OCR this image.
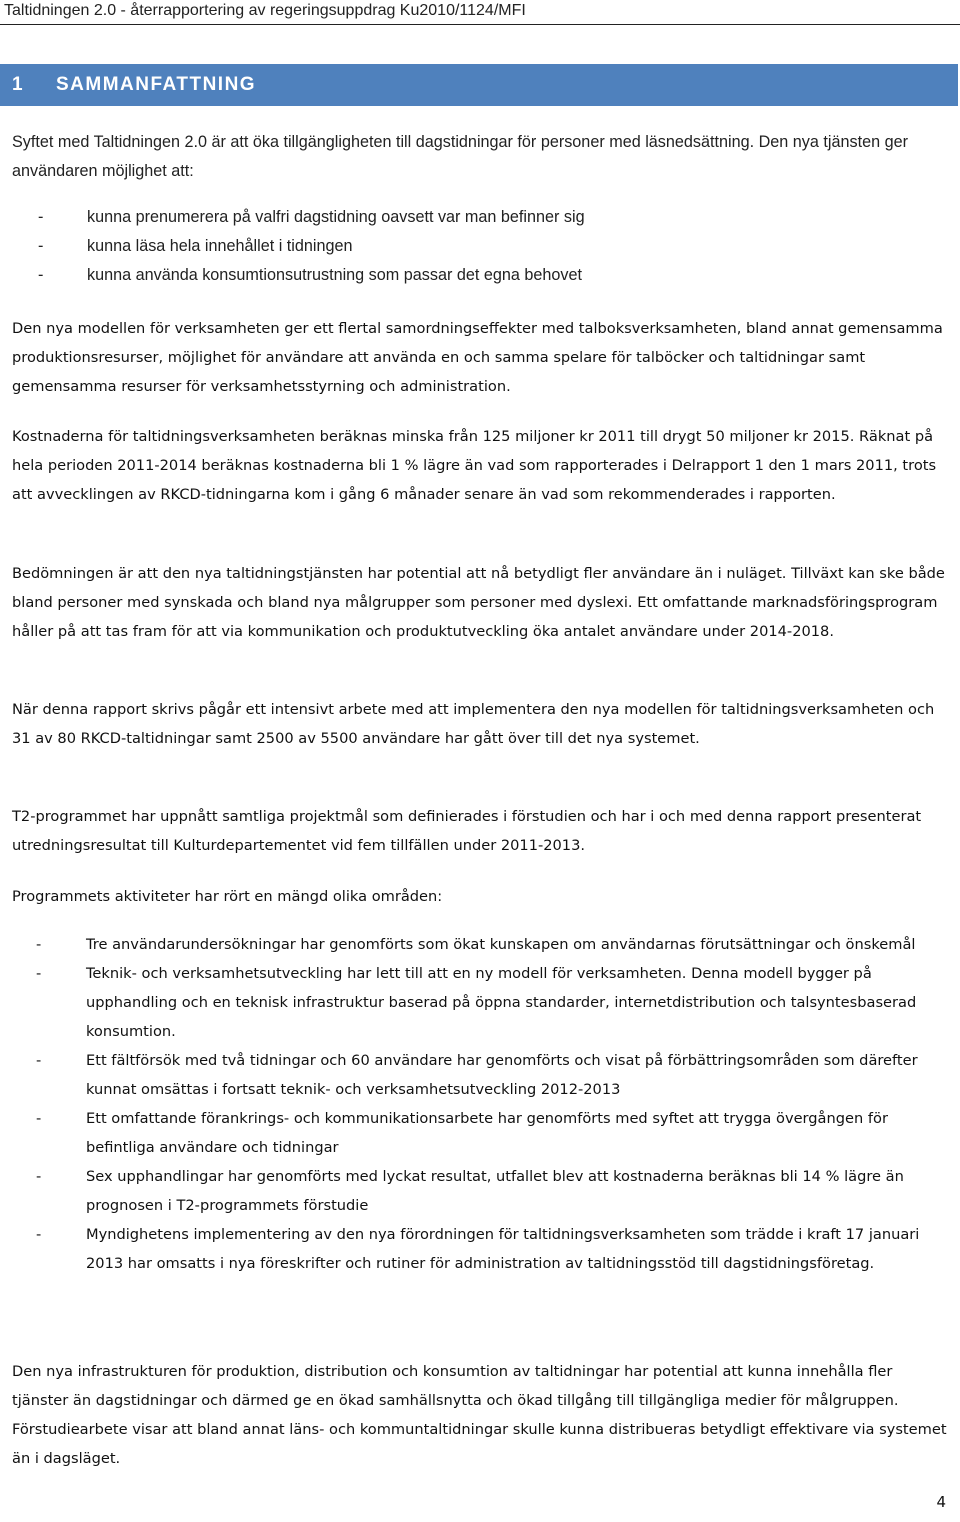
Taltidningen 2.0 - återrapportering av regeringsuppdrag Ku2010/1124/MFI
1	SAMMANFATTNING

Syftet med Taltidningen 2.0 är att öka tillgängligheten till dagstidningar för personer med läsnedsättning. Den nya tjänsten ger användaren möjlighet att:

-	kunna prenumerera på valfri dagstidning oavsett var man befinner sig
-	kunna läsa hela innehållet i tidningen
-	kunna använda konsumtionsutrustning som passar det egna behovet

Den nya modellen för verksamheten ger ett flertal samordningseffekter med talboksverksamheten, bland annat gemensamma produktionsresurser, möjlighet för användare att använda en och samma spelare för talböcker och taltidningar samt gemensamma resurser för verksamhetsstyrning och administration.

Kostnaderna för taltidningsverksamheten beräknas minska från 125 miljoner kr 2011 till drygt 50 miljoner kr 2015. Räknat på hela perioden 2011-2014 beräknas kostnaderna bli 1 % lägre än vad som rapporterades i Delrapport 1 den 1 mars 2011, trots att avvecklingen av RKCD-tidningarna kom i gång 6 månader senare än vad som rekommenderades i rapporten.

Bedömningen är att den nya taltidningstjänsten har potential att nå betydligt fler användare än i nuläget. Tillväxt kan ske både bland personer med synskada och bland nya målgrupper som personer med dyslexi. Ett omfattande marknadsföringsprogram håller på att tas fram för att via kommunikation och produktutveckling öka antalet användare under 2014-2018.

När denna rapport skrivs pågår ett intensivt arbete med att implementera den nya modellen för taltidningsverksamheten och 31 av 80 RKCD-taltidningar samt 2500 av 5500 användare har gått över till det nya systemet.

T2-programmet har uppnått samtliga projektmål som definierades i förstudien och har i och med denna rapport presenterat utredningsresultat till Kulturdepartementet vid fem tillfällen under 2011-2013.

Programmets aktiviteter har rört en mängd olika områden:

-	Tre användarundersökningar har genomförts som ökat kunskapen om användarnas förutsättningar och önskemål
-	Teknik- och verksamhetsutveckling har lett till att en ny modell för verksamheten. Denna modell bygger på upphandling och en teknisk infrastruktur baserad på öppna standarder, internetdistribution och talsyntesbaserad konsumtion.
-	Ett fältförsök med två tidningar och 60 användare har genomförts och visat på förbättringsområden som därefter kunnat omsättas i fortsatt teknik- och verksamhetsutveckling 2012-2013
-	Ett omfattande förankrings- och kommunikationsarbete har genomförts med syftet att trygga övergången för befintliga användare och tidningar
-	Sex upphandlingar har genomförts med lyckat resultat, utfallet blev att kostnaderna beräknas bli 14 % lägre än prognosen i T2-programmets förstudie
-	Myndighetens implementering av den nya förordningen för taltidningsverksamheten som trädde i kraft 17 januari 2013 har omsatts i nya föreskrifter och rutiner för administration av taltidningsstöd till dagstidningsföretag.

Den nya infrastrukturen för produktion, distribution och konsumtion av taltidningar har potential att kunna innehålla fler tjänster än dagstidningar och därmed ge en ökad samhällsnytta och ökad tillgång till tillgängliga medier för målgruppen. Förstudiearbete visar att bland annat läns- och kommuntaltidningar skulle kunna distribueras betydligt effektivare via systemet än i dagsläget.

4
